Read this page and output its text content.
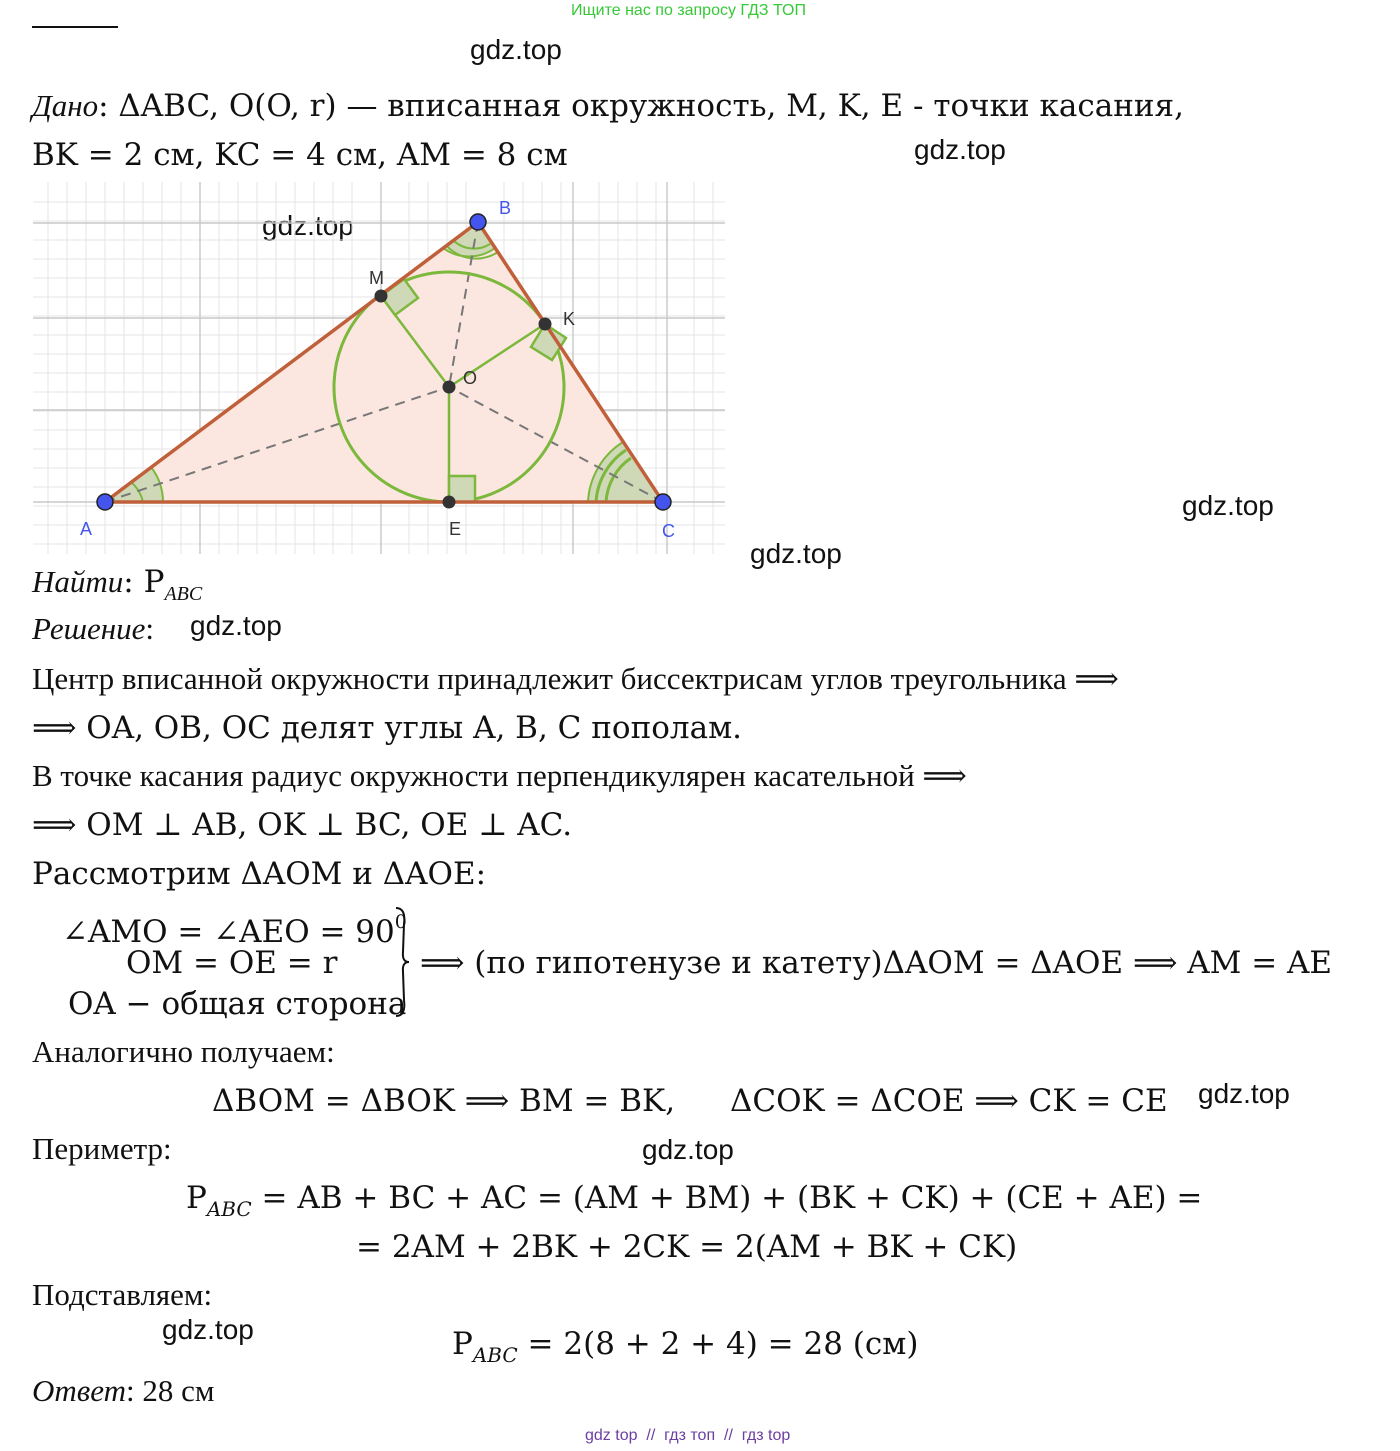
Ищите нас по запросу ГДЗ ТОП
gdz.top
gdz.top
gdz.top
gdz.top
gdz.top
gdz.top
gdz.top
gdz.top
gdz.top
Дано: ΔABC, O(O, r) — вписанная окружность, M, K, E - точки касания,
BK = 2 см, KC = 4 см, AM = 8 см
A
B
C
M
K
O
E
Найти: $P_{ABC}$
Решение:
Центр вписанной окружности принадлежит биссектрисам углов треугольника ⟹
⟹ OA, OB, OC делят углы A, B, C пополам.
В точке касания радиус окружности перпендикулярен касательной ⟹
⟹ OM ⊥ AB, OK ⊥ BC, OE ⊥ AC.
Рассмотрим ΔAOM и ΔAOE:
∠AMO = ∠AEO = $90^0$
OM = OE = r
OA − общая сторона
⟹ (по гипотенузе и катету)ΔAOM = ΔAOE ⟹ AM = AE
Аналогично получаем:
ΔBOM = ΔBOK ⟹ BM = BK, ΔCOK = ΔCOE ⟹ CK = CE
Периметр:
$P_{ABC}$ = AB + BC + AC = (AM + BM) + (BK + CK) + (CE + AE) =
= 2AM + 2BK + 2CK = 2(AM + BK + CK)
Подставляем:
$P_{ABC} = 2(8 + 2 + 4) = 28$ (см)
Ответ: 28 см
gdz top  //  гдз топ  //  гдз top
